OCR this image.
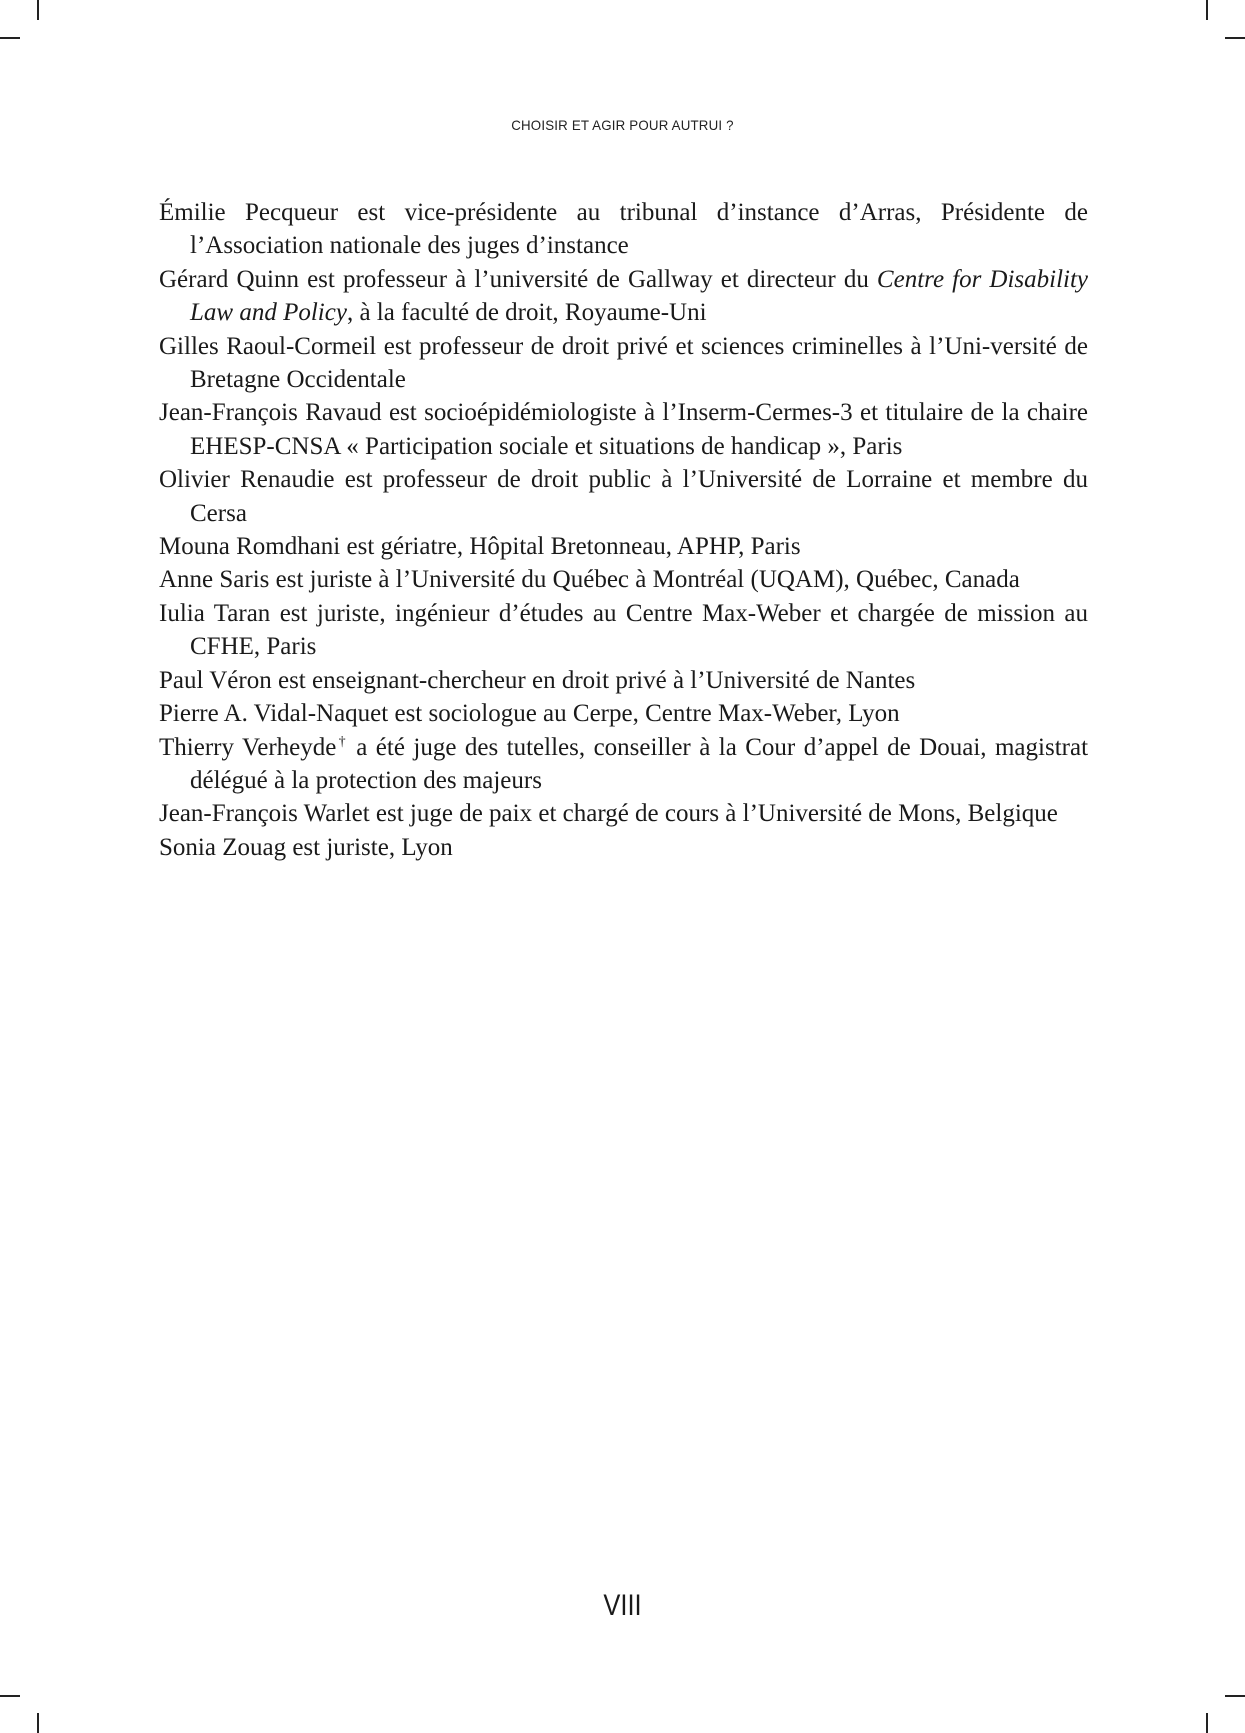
CHOISIR ET AGIR POUR AUTRUI ?
Émilie Pecqueur est vice-présidente au tribunal d’instance d’Arras, Présidente de l’Association nationale des juges d’instance
Gérard Quinn est professeur à l’université de Gallway et directeur du Centre for Disability Law and Policy, à la faculté de droit, Royaume-Uni
Gilles Raoul-Cormeil est professeur de droit privé et sciences criminelles à l’Uni-versité de Bretagne Occidentale
Jean-François Ravaud est socioépidémiologiste à l’Inserm-Cermes-3 et titulaire de la chaire EHESP-CNSA « Participation sociale et situations de handicap », Paris
Olivier Renaudie est professeur de droit public à l’Université de Lorraine et membre du Cersa
Mouna Romdhani est gériatre, Hôpital Bretonneau, APHP, Paris
Anne Saris est juriste à l’Université du Québec à Montréal (UQAM), Québec, Canada
Iulia Taran est juriste, ingénieur d’études au Centre Max-Weber et chargée de mission au CFHE, Paris
Paul Véron est enseignant-chercheur en droit privé à l’Université de Nantes
Pierre A. Vidal-Naquet est sociologue au Cerpe, Centre Max-Weber, Lyon
Thierry Verheyde† a été juge des tutelles, conseiller à la Cour d’appel de Douai, magistrat délégué à la protection des majeurs
Jean-François Warlet est juge de paix et chargé de cours à l’Université de Mons, Belgique
Sonia Zouag est juriste, Lyon
VIII
